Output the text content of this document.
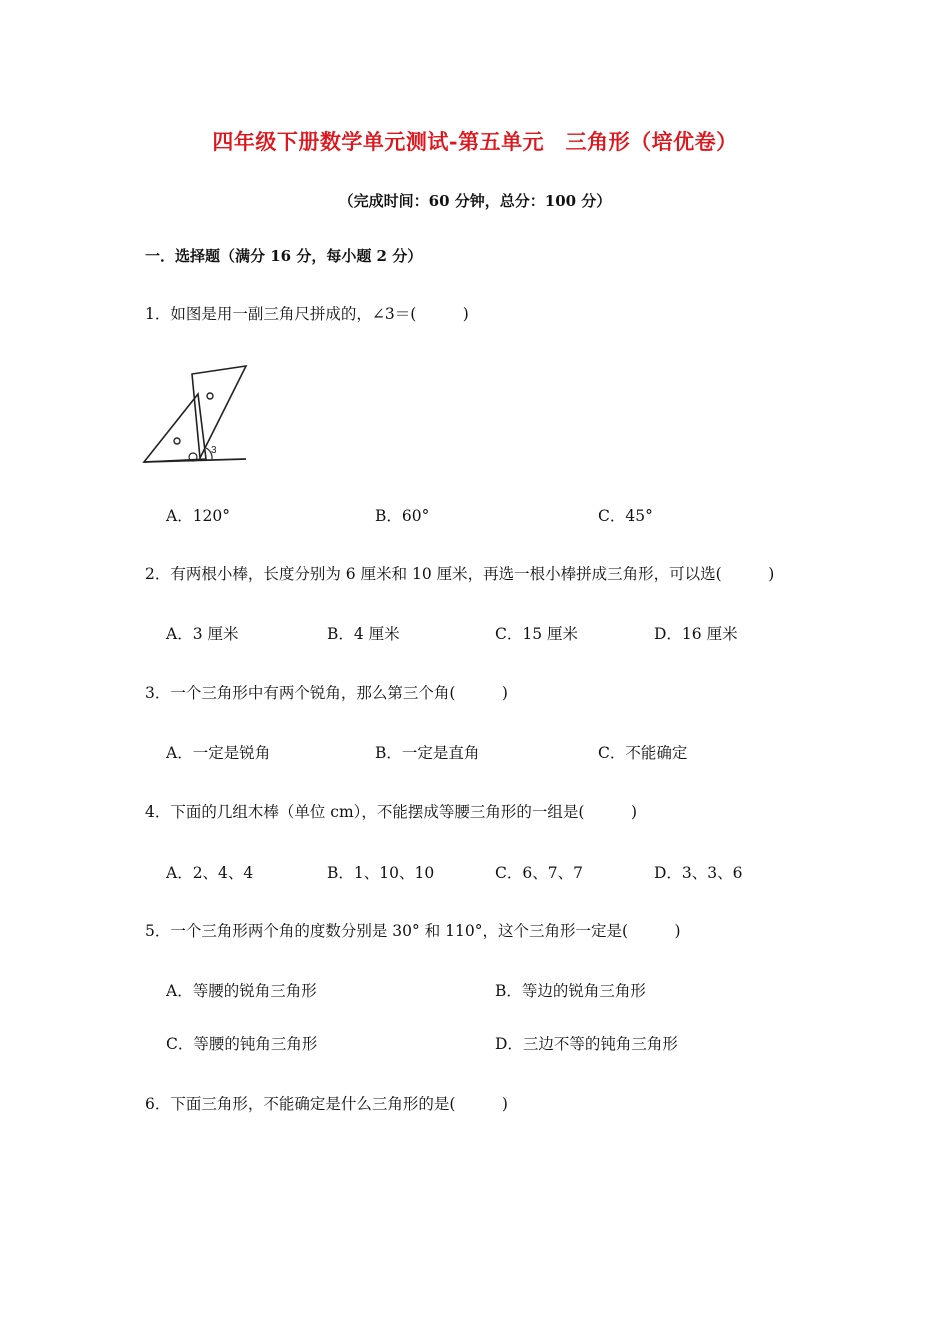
四年级下册数学单元测试-第五单元　三角形（培优卷）
（完成时间：60 分钟，总分：100 分）
一．选择题（满分 16 分，每小题 2 分）
1．如图是用一副三角尺拼成的，∠3＝(　　　)
3
A．120°	B．60°	C．45°
2．有两根小棒，长度分别为 6 厘米和 10 厘米，再选一根小棒拼成三角形，可以选(　　　)
A．3 厘米	B．4 厘米	C．15 厘米	D．16 厘米
3．一个三角形中有两个锐角，那么第三个角(　　　)
A．一定是锐角	B．一定是直角	C．不能确定
4．下面的几组木棒（单位 cm），不能摆成等腰三角形的一组是(　　　)
A．2、4、4	B．1、10、10	C．6、7、7	D．3、3、6
5．一个三角形两个角的度数分别是 30° 和 110°，这个三角形一定是(　　　)
A．等腰的锐角三角形	B．等边的锐角三角形
C．等腰的钝角三角形	D．三边不等的钝角三角形
6．下面三角形，不能确定是什么三角形的是(　　　)
